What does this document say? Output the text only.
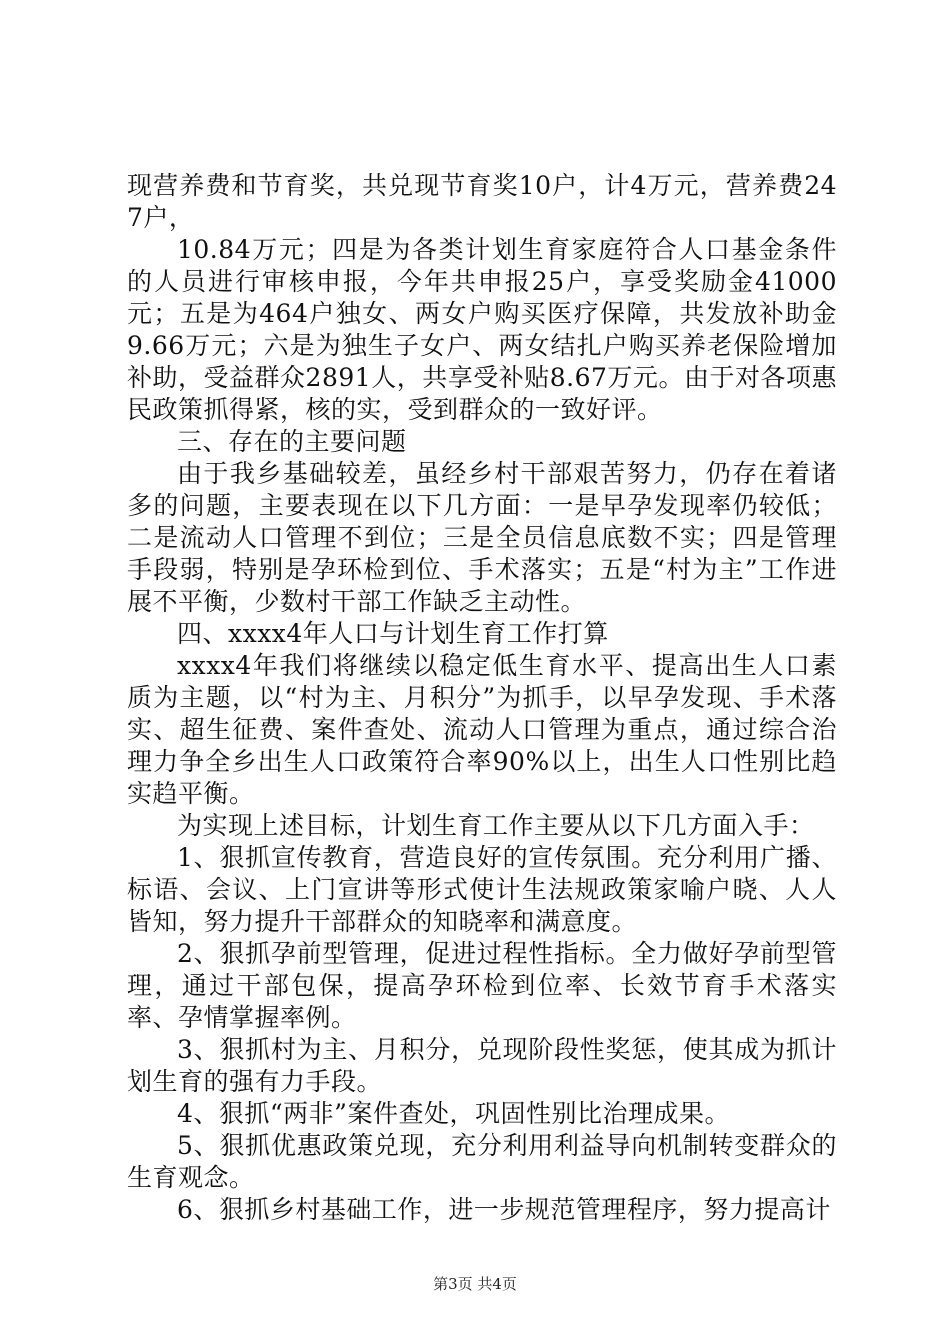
现营养费和节育奖，共兑现节育奖10户，计4万元，营养费247户，

10.84万元；四是为各类计划生育家庭符合人口基金条件的人员进行审核申报，今年共申报25户，享受奖励金41000元；五是为464户独女、两女户购买医疗保障，共发放补助金9.66万元；六是为独生子女户、两女结扎户购买养老保险增加补助，受益群众2891人，共享受补贴8.67万元。由于对各项惠民政策抓得紧，核的实，受到群众的一致好评。

三、存在的主要问题

由于我乡基础较差，虽经乡村干部艰苦努力，仍存在着诸多的问题，主要表现在以下几方面：一是早孕发现率仍较低；二是流动人口管理不到位；三是全员信息底数不实；四是管理手段弱，特别是孕环检到位、手术落实；五是“村为主”工作进展不平衡，少数村干部工作缺乏主动性。

四、xxxx4年人口与计划生育工作打算

xxxx4年我们将继续以稳定低生育水平、提高出生人口素质为主题，以“村为主、月积分”为抓手，以早孕发现、手术落实、超生征费、案件查处、流动人口管理为重点，通过综合治理力争全乡出生人口政策符合率90%以上，出生人口性别比趋实趋平衡。

为实现上述目标，计划生育工作主要从以下几方面入手：

1、狠抓宣传教育，营造良好的宣传氛围。充分利用广播、标语、会议、上门宣讲等形式使计生法规政策家喻户晓、人人皆知，努力提升干部群众的知晓率和满意度。

2、狠抓孕前型管理，促进过程性指标。全力做好孕前型管理，通过干部包保，提高孕环检到位率、长效节育手术落实率、孕情掌握率例。

3、狠抓村为主、月积分，兑现阶段性奖惩，使其成为抓计划生育的强有力手段。

4、狠抓“两非”案件查处，巩固性别比治理成果。

5、狠抓优惠政策兑现，充分利用利益导向机制转变群众的生育观念。

6、狠抓乡村基础工作，进一步规范管理程序，努力提高计

第3页 共4页
